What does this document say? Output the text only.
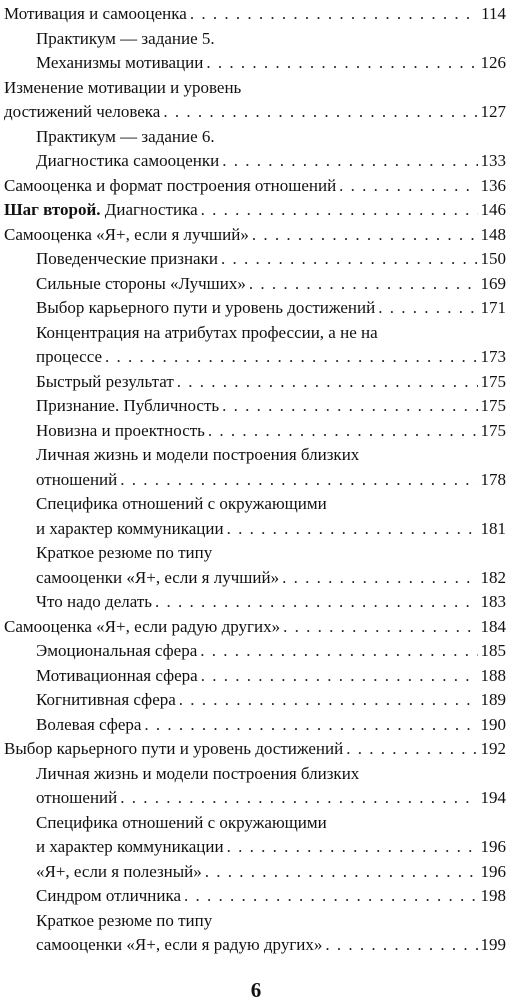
Мотивация и самооценка . . .	114
Практикум — задание 5.
Механизмы мотивации . . .	126
Изменение мотивации и уровень
достижений человека . . .	127
Практикум — задание 6.
Диагностика самооценки . . .	133
Самооценка и формат построения отношений . . .	136
Шаг второй. Диагностика . . .	146
Самооценка «Я+, если я лучший» . . .	148
Поведенческие признаки . . .	150
Сильные стороны «Лучших» . . .	169
Выбор карьерного пути и уровень достижений . . .	171
Концентрация на атрибутах профессии, а не на
процессе . . .	173
Быстрый результат . . .	175
Признание. Публичность . . .	175
Новизна и проектность . . .	175
Личная жизнь и модели построения близких
отношений . . .	178
Специфика отношений с окружающими
и характер коммуникации . . .	181
Краткое резюме по типу
самооценки «Я+, если я лучший» . . .	182
Что надо делать . . .	183
Самооценка «Я+, если радую других» . . .	184
Эмоциональная сфера . . .	185
Мотивационная сфера . . .	188
Когнитивная сфера . . .	189
Волевая сфера . . .	190
Выбор карьерного пути и уровень достижений . . .	192
Личная жизнь и модели построения близких
отношений . . .	194
Специфика отношений с окружающими
и характер коммуникации . . .	196
«Я+, если я полезный» . . .	196
Синдром отличника . . .	198
Краткое резюме по типу
самооценки «Я+, если я радую других» . . .	199
6
